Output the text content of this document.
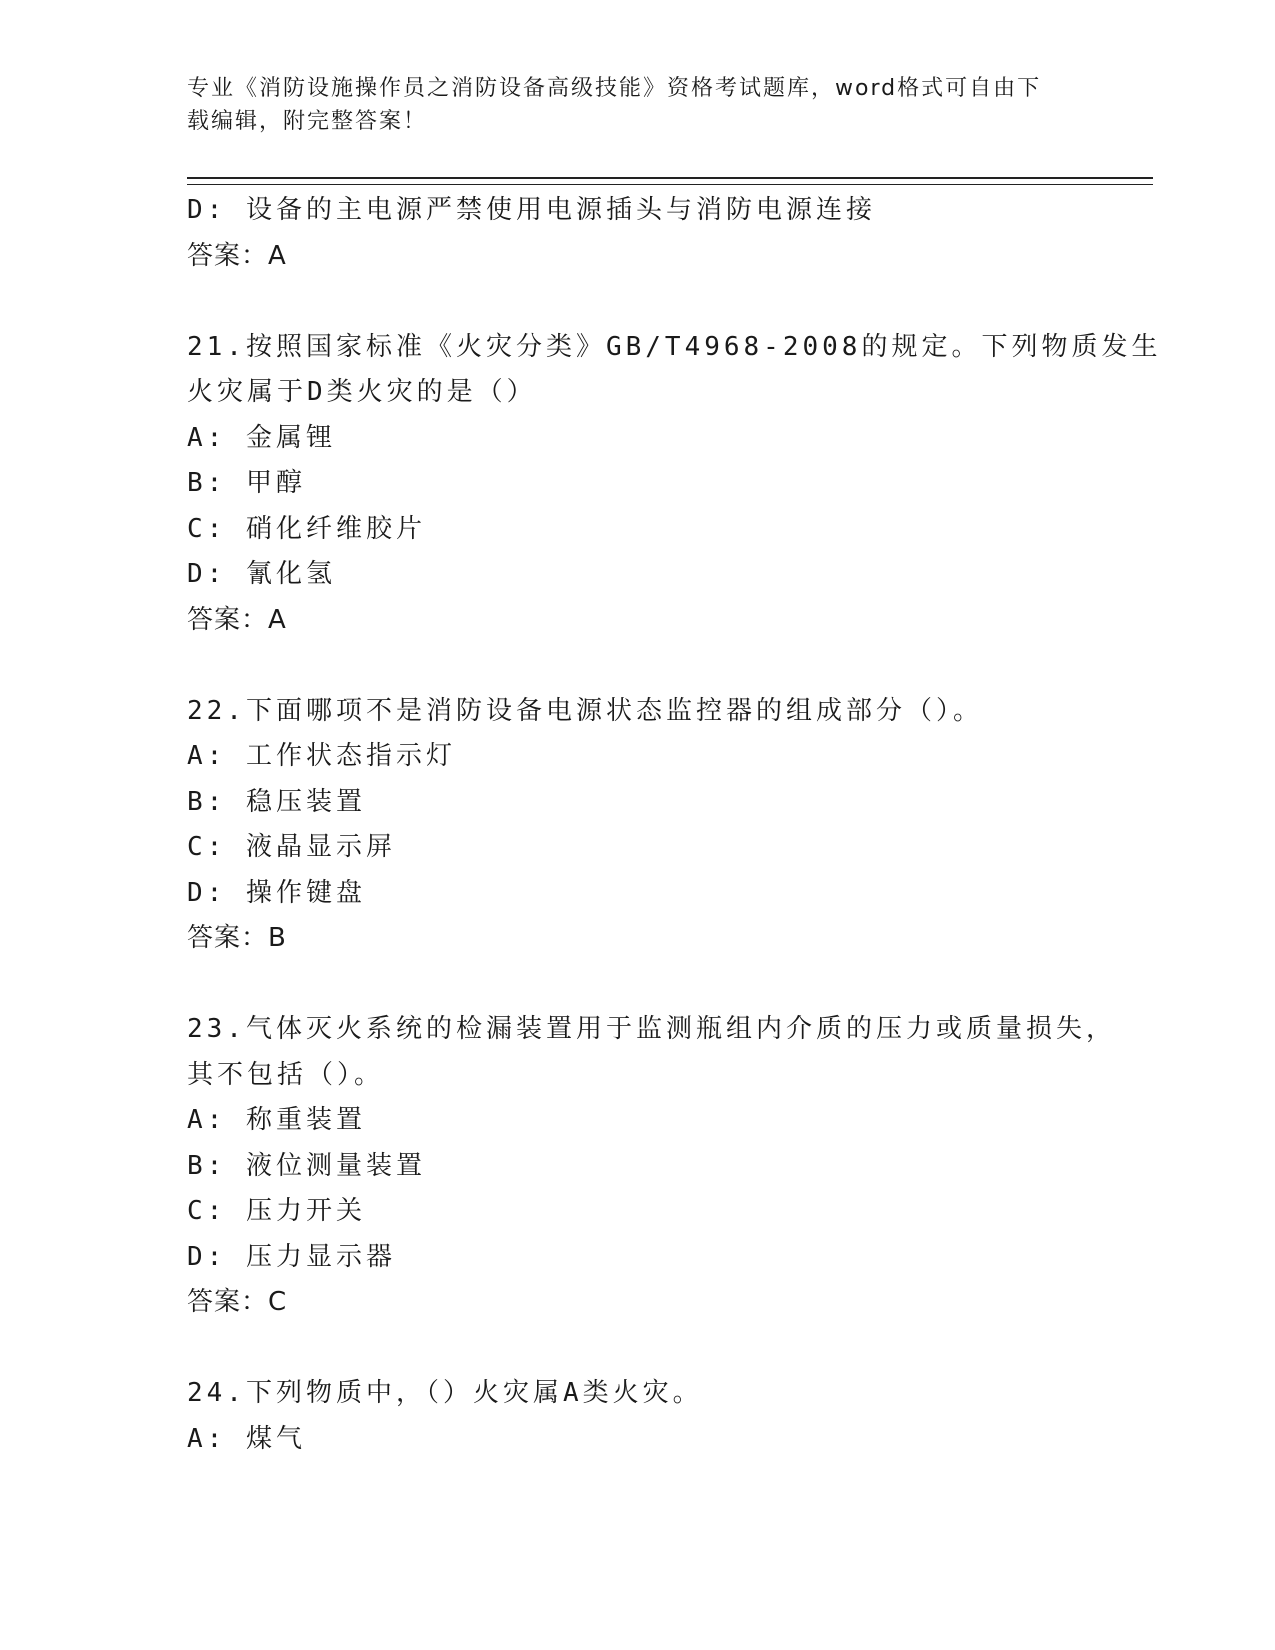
专业《消防设施操作员之消防设备高级技能》资格考试题库，word格式可自由下
载编辑，附完整答案！
D: 设备的主电源严禁使用电源插头与消防电源连接
答案：A
21.按照国家标准《火灾分类》GB/T4968-2008的规定。下列物质发生
火灾属于D类火灾的是（）
A: 金属锂
B: 甲醇
C: 硝化纤维胶片
D: 氰化氢
答案：A
22.下面哪项不是消防设备电源状态监控器的组成部分（）。
A: 工作状态指示灯
B: 稳压装置
C: 液晶显示屏
D: 操作键盘
答案：B
23.气体灭火系统的检漏装置用于监测瓶组内介质的压力或质量损失，
其不包括（）。
A: 称重装置
B: 液位测量装置
C: 压力开关
D: 压力显示器
答案：C
24.下列物质中，（）火灾属A类火灾。
A: 煤气
